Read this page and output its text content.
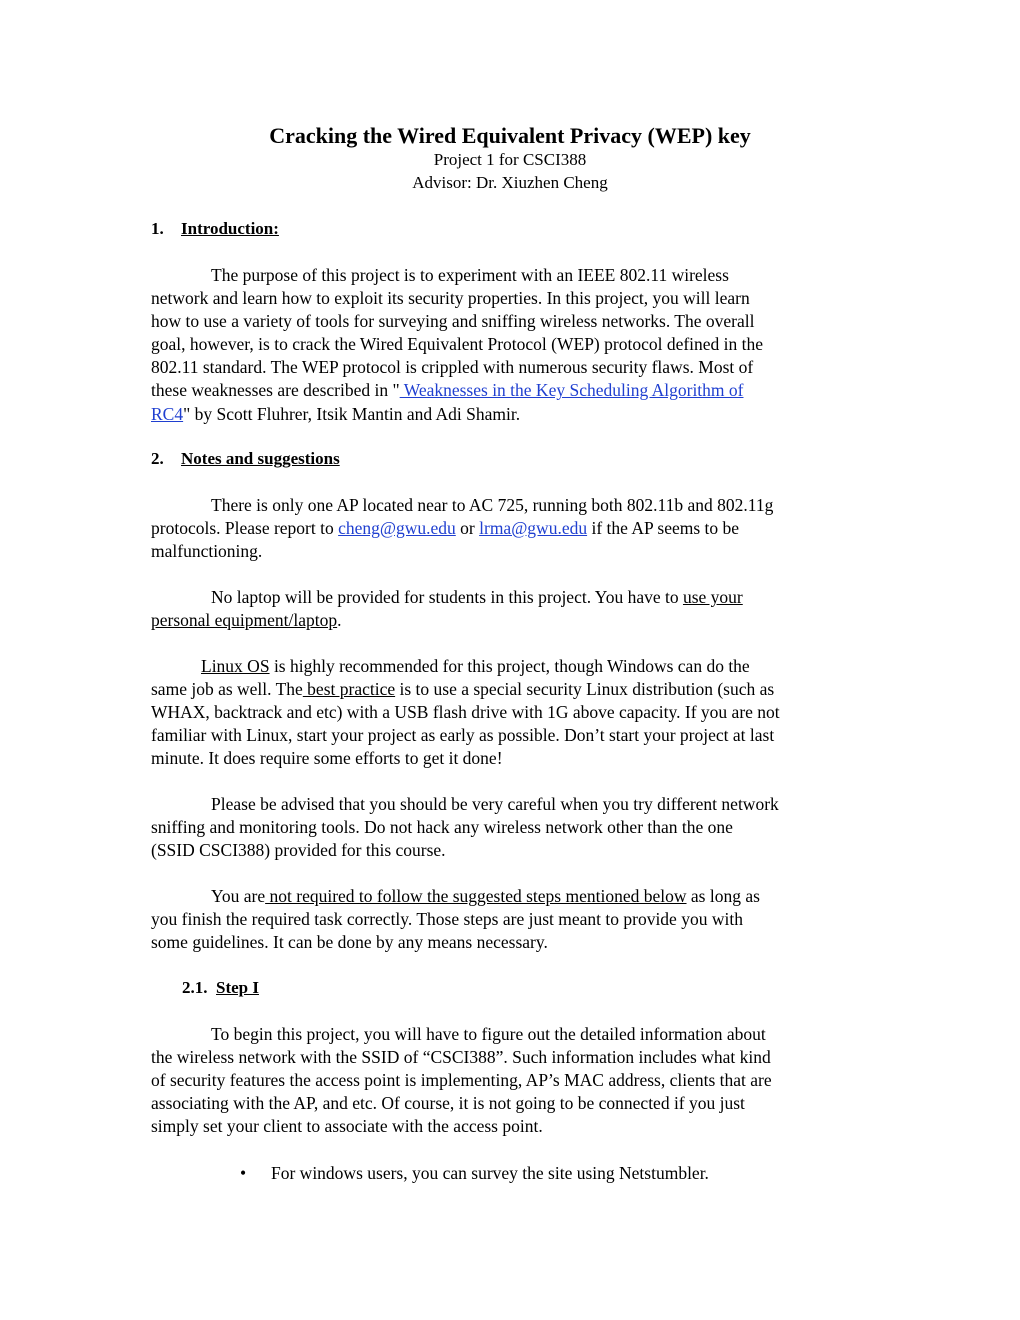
Cracking the Wired Equivalent Privacy (WEP) key
Project 1 for CSCI388
Advisor: Dr. Xiuzhen Cheng
1. Introduction:
The purpose of this project is to experiment with an IEEE 802.11 wireless
network and learn how to exploit its security properties. In this project, you will learn
how to use a variety of tools for surveying and sniffing wireless networks. The overall
goal, however, is to crack the Wired Equivalent Protocol (WEP) protocol defined in the
802.11 standard. The WEP protocol is crippled with numerous security flaws. Most of
these weaknesses are described in " Weaknesses in the Key Scheduling Algorithm of
RC4" by Scott Fluhrer, Itsik Mantin and Adi Shamir.
2. Notes and suggestions
There is only one AP located near to AC 725, running both 802.11b and 802.11g
protocols. Please report to cheng@gwu.edu or lrma@gwu.edu if the AP seems to be
malfunctioning.
No laptop will be provided for students in this project. You have to use your
personal equipment/laptop.
Linux OS is highly recommended for this project, though Windows can do the
same job as well. The best practice is to use a special security Linux distribution (such as
WHAX, backtrack and etc) with a USB flash drive with 1G above capacity. If you are not
familiar with Linux, start your project as early as possible. Don’t start your project at last
minute. It does require some efforts to get it done!
Please be advised that you should be very careful when you try different network
sniffing and monitoring tools. Do not hack any wireless network other than the one
(SSID CSCI388) provided for this course.
You are not required to follow the suggested steps mentioned below as long as
you finish the required task correctly. Those steps are just meant to provide you with
some guidelines. It can be done by any means necessary.
2.1. Step I
To begin this project, you will have to figure out the detailed information about
the wireless network with the SSID of “CSCI388”. Such information includes what kind
of security features the access point is implementing, AP’s MAC address, clients that are
associating with the AP, and etc. Of course, it is not going to be connected if you just
simply set your client to associate with the access point.
• For windows users, you can survey the site using Netstumbler.
